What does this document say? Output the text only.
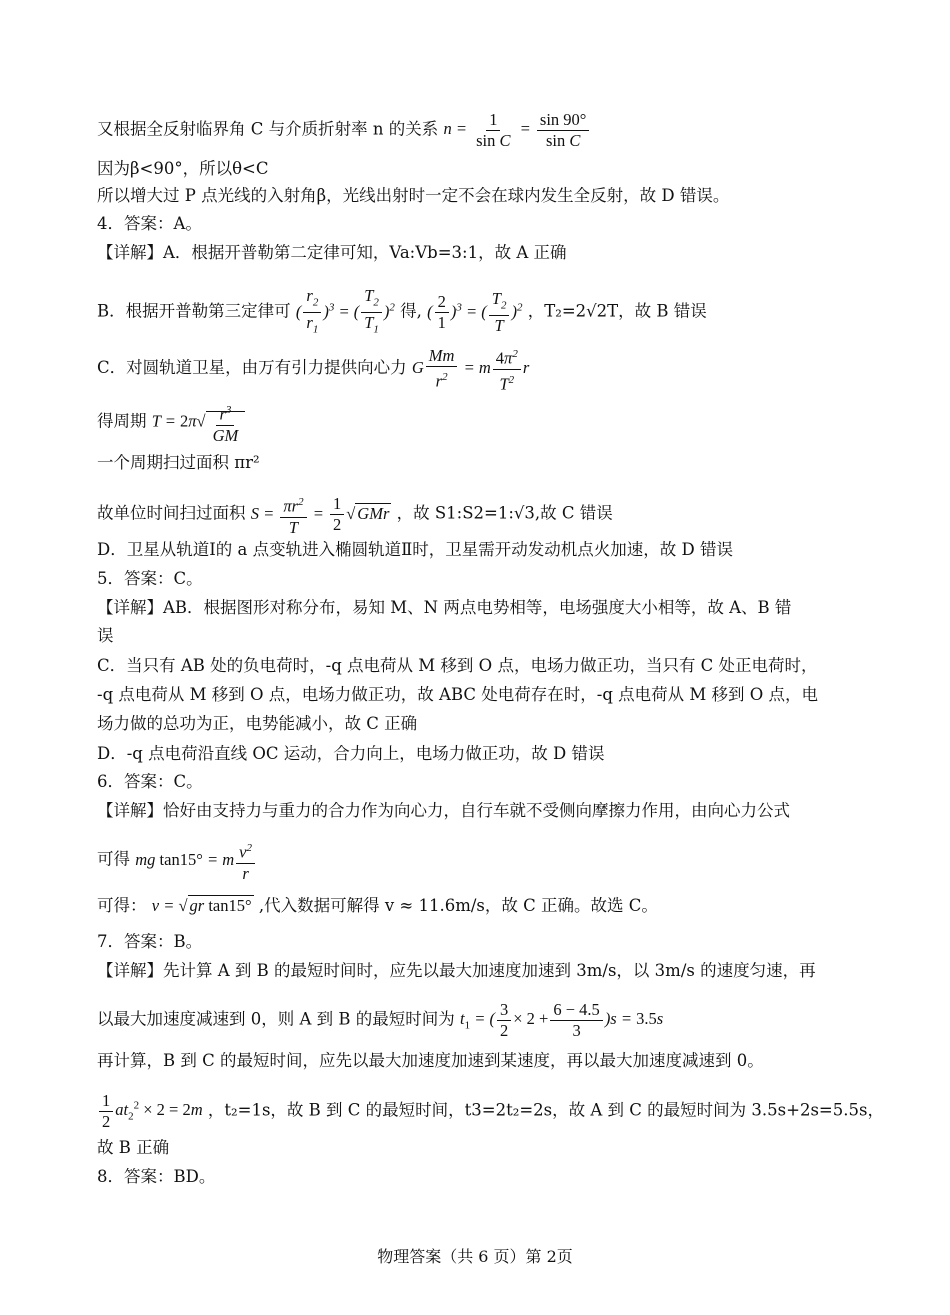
又根据全反射临界角 C 与介质折射率 n 的关系 $n = \frac{1}{\text{sin C}} = \frac{\sin 90^\circ}{\text{sin C}}$
因为β<90°，所以θ<C
所以增大过 P 点光线的入射角β，光线出射时一定不会在球内发生全反射，故 D 错误。
4．答案：A。
【详解】A．根据开普勒第二定律可知，Va:Vb=3:1，故 A 正确
B．根据开普勒第三定律可 ( $\frac{r_2}{r_1} )^3$ = ( $\frac{T_2}{T_1} )^2$ 得, ( $\frac{2}{1} )^3$ = ( $\frac{T_2}{T} )^2$ ，T₂=2√2T，故 B 错误
C．对圆轨道卫星，由万有引力提供向心力 G $\frac{Mm}{r^2} = m \frac{4\pi^2}{T^2}$ r
得周期 $T = 2\pi√ \frac{r^3}{GM}$
一个周期扫过面积 πr²
故单位时间扫过面积 $S = \frac{\pi r^2}{T} = \frac{1}{2}$ √ GMr ，故 S1:S2=1:√3,故 C 错误
D．卫星从轨道Ⅰ的 a 点变轨进入椭圆轨道Ⅱ时，卫星需开动发动机点火加速，故 D 错误
5．答案：C。
【详解】AB．根据图形对称分布，易知 M、N 两点电势相等，电场强度大小相等，故 A、B 错
误
C．当只有 AB 处的负电荷时，-q 点电荷从 M 移到 O 点，电场力做正功，当只有 C 处正电荷时，
-q 点电荷从 M 移到 O 点，电场力做正功，故 ABC 处电荷存在时，-q 点电荷从 M 移到 O 点，电
场力做的总功为正，电势能减小，故 C 正确
D．-q 点电荷沿直线 OC 运动，合力向上，电场力做正功，故 D 错误
6．答案：C。
【详解】恰好由支持力与重力的合力作为向心力，自行车就不受侧向摩擦力作用，由向心力公式
可得 mg tan15° = m $\frac{v^2}{r}$
可得： v = √ gr tan15° ,代入数据可解得 v ≈ 11.6m/s，故 C 正确。故选 C。
7．答案：B。
【详解】先计算 A 到 B 的最短时间时，应先以最大加速度加速到 3m/s，以 3m/s 的速度匀速，再
以最大加速度减速到 0，则 A 到 B 的最短时间为 $t_1$ = ( $\frac{3}{2} \times 2 + \frac{6 - 4.5}{3} )s = 3.5s$
再计算，B 到 C 的最短时间，应先以最大加速度加速到某速度，再以最大加速度减速到 0。
$\frac{1}{2} at_2^2 \times 2 = 2m$ ，t₂=1s，故 B 到 C 的最短时间，t3=2t₂=2s，故 A 到 C 的最短时间为 3.5s+2s=5.5s，
故 B 正确
8．答案：BD。
物理答案（共 6 页）第 2页
